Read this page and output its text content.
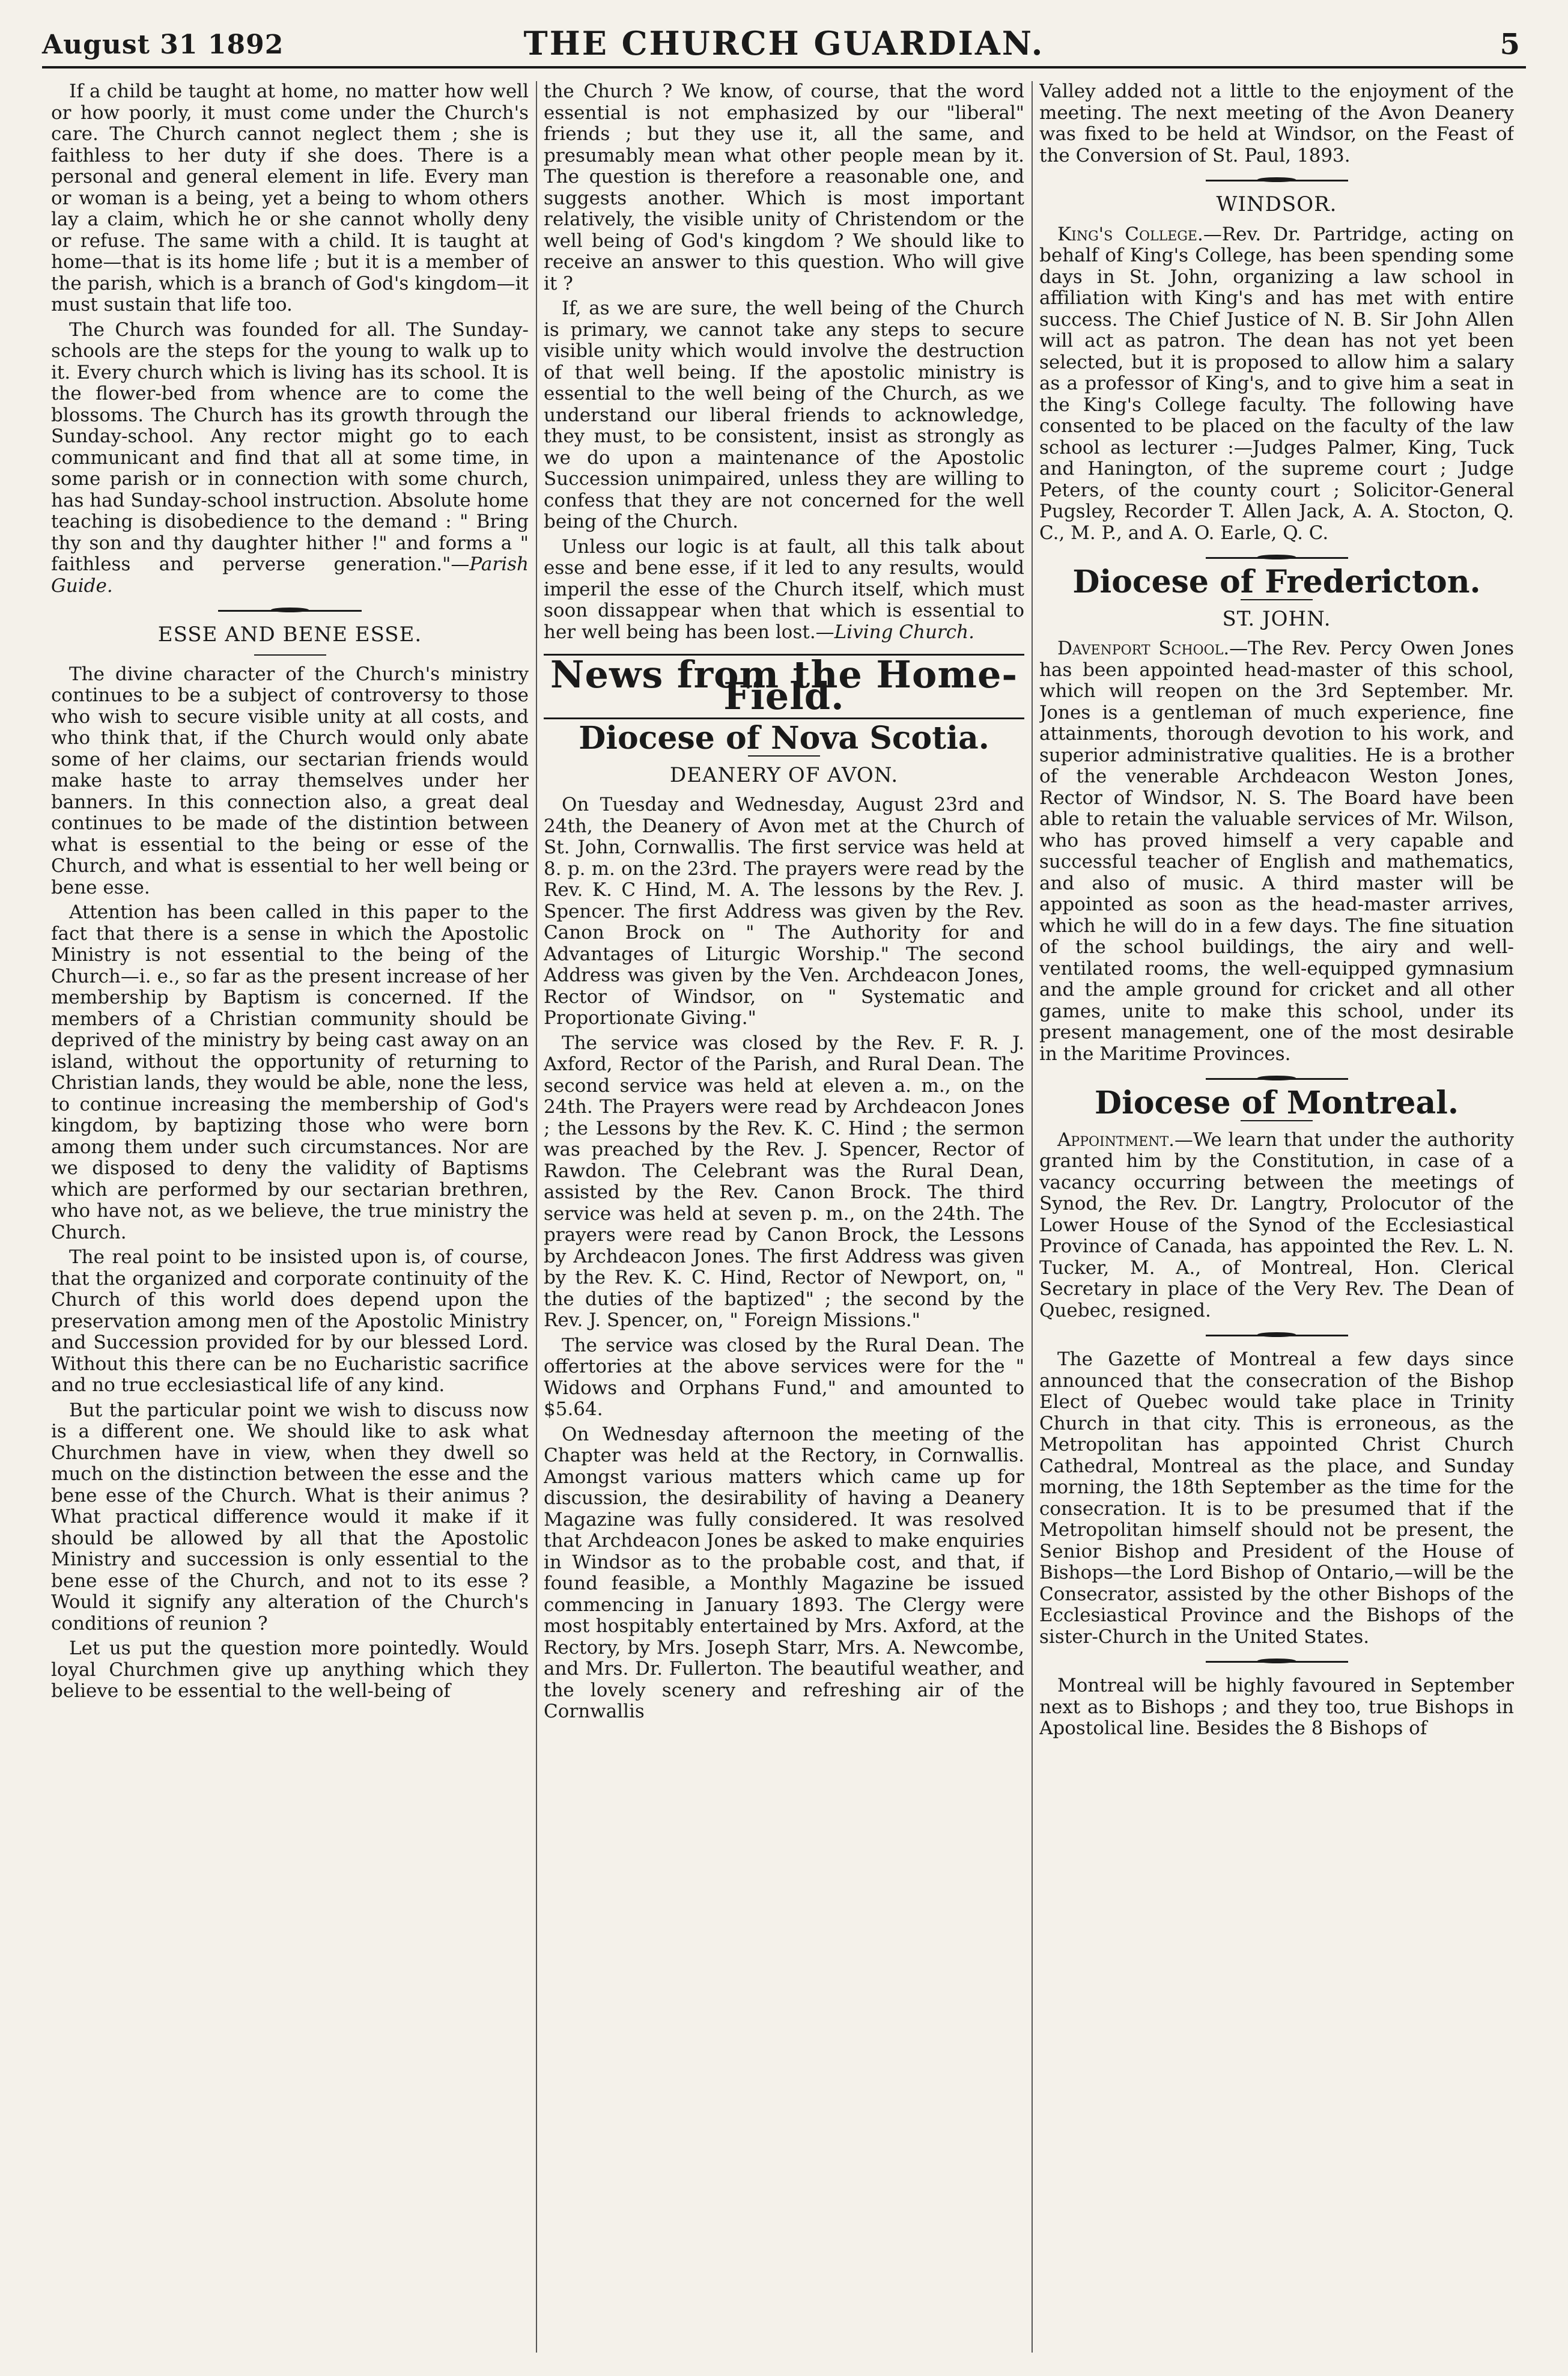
August 31 1892	THE CHURCH GUARDIAN.	5

If a child be taught at home, no matter how well or how poorly, it must come under the Church's care. The Church cannot neglect them ; she is faithless to her duty if she does. There is a personal and general element in life. Every man or woman is a being, yet a being to whom others lay a claim, which he or she cannot wholly deny or refuse. The same with a child. It is taught at home—that is its home life ; but it is a member of the parish, which is a branch of God's kingdom—it must sustain that life too.

The Church was founded for all. The Sunday-schools are the steps for the young to walk up to it. Every church which is living has its school. It is the flower-bed from whence are to come the blossoms. The Church has its growth through the Sunday-school. Any rector might go to each communicant and find that all at some time, in some parish or in connection with some church, has had Sunday-school instruction. Absolute home teaching is disobedience to the demand : " Bring thy son and thy daughter hither !" and forms a " faithless and perverse generation."—Parish Guide.

ESSE AND BENE ESSE.

The divine character of the Church's ministry continues to be a subject of controversy to those who wish to secure visible unity at all costs, and who think that, if the Church would only abate some of her claims, our sectarian friends would make haste to array themselves under her banners. In this connection also, a great deal continues to be made of the distintion between what is essential to the being or esse of the Church, and what is essential to her well being or bene esse.

Attention has been called in this paper to the fact that there is a sense in which the Apostolic Ministry is not essential to the being of the Church—i. e., so far as the present increase of her membership by Baptism is concerned. If the members of a Christian community should be deprived of the ministry by being cast away on an island, without the opportunity of returning to Christian lands, they would be able, none the less, to continue increasing the membership of God's kingdom, by baptizing those who were born among them under such circumstances. Nor are we disposed to deny the validity of Baptisms which are performed by our sectarian brethren, who have not, as we believe, the true ministry the Church.

The real point to be insisted upon is, of course, that the organized and corporate continuity of the Church of this world does depend upon the preservation among men of the Apostolic Ministry and Succession provided for by our blessed Lord. Without this there can be no Eucharistic sacrifice and no true ecclesiastical life of any kind.

But the particular point we wish to discuss now is a different one. We should like to ask what Churchmen have in view, when they dwell so much on the distinction between the esse and the bene esse of the Church. What is their animus ? What practical difference would it make if it should be allowed by all that the Apostolic Ministry and succession is only essential to the bene esse of the Church, and not to its esse ? Would it signify any alteration of the Church's conditions of reunion ?

Let us put the question more pointedly. Would loyal Churchmen give up anything which they believe to be essential to the well-being of

the Church ? We know, of course, that the word essential is not emphasized by our "liberal" friends ; but they use it, all the same, and presumably mean what other people mean by it. The question is therefore a reasonable one, and suggests another. Which is most important relatively, the visible unity of Christendom or the well being of God's kingdom ? We should like to receive an answer to this question. Who will give it ?

If, as we are sure, the well being of the Church is primary, we cannot take any steps to secure visible unity which would involve the destruction of that well being. If the apostolic ministry is essential to the well being of the Church, as we understand our liberal friends to acknowledge, they must, to be consistent, insist as strongly as we do upon a maintenance of the Apostolic Succession unimpaired, unless they are willing to confess that they are not concerned for the well being of the Church.

Unless our logic is at fault, all this talk about esse and bene esse, if it led to any results, would imperil the esse of the Church itself, which must soon dissappear when that which is essential to her well being has been lost.—Living Church.

News from the Home-Field.
Diocese of Nova Scotia.
DEANERY OF AVON.

On Tuesday and Wednesday, August 23rd and 24th, the Deanery of Avon met at the Church of St. John, Cornwallis. The first service was held at 8. p. m. on the 23rd. The prayers were read by the Rev. K. C Hind, M. A. The lessons by the Rev. J. Spencer. The first Address was given by the Rev. Canon Brock on " The Authority for and Advantages of Liturgic Worship." The second Address was given by the Ven. Archdeacon Jones, Rector of Windsor, on " Systematic and Proportionate Giving."

The service was closed by the Rev. F. R. J. Axford, Rector of the Parish, and Rural Dean. The second service was held at eleven a. m., on the 24th. The Prayers were read by Archdeacon Jones ; the Lessons by the Rev. K. C. Hind ; the sermon was preached by the Rev. J. Spencer, Rector of Rawdon. The Celebrant was the Rural Dean, assisted by the Rev. Canon Brock. The third service was held at seven p. m., on the 24th. The prayers were read by Canon Brock, the Lessons by Archdeacon Jones. The first Address was given by the Rev. K. C. Hind, Rector of Newport, on, " the duties of the baptized" ; the second by the Rev. J. Spencer, on, " Foreign Missions."

The service was closed by the Rural Dean. The offertories at the above services were for the " Widows and Orphans Fund," and amounted to $5.64.

On Wednesday afternoon the meeting of the Chapter was held at the Rectory, in Cornwallis. Amongst various matters which came up for discussion, the desirability of having a Deanery Magazine was fully considered. It was resolved that Archdeacon Jones be asked to make enquiries in Windsor as to the probable cost, and that, if found feasible, a Monthly Magazine be issued commencing in January 1893. The Clergy were most hospitably entertained by Mrs. Axford, at the Rectory, by Mrs. Joseph Starr, Mrs. A. Newcombe, and Mrs. Dr. Fullerton. The beautiful weather, and the lovely scenery and refreshing air of the Cornwallis

Valley added not a little to the enjoyment of the meeting. The next meeting of the Avon Deanery was fixed to be held at Windsor, on the Feast of the Conversion of St. Paul, 1893.

WINDSOR.

King's College.—Rev. Dr. Partridge, acting on behalf of King's College, has been spending some days in St. John, organizing a law school in affiliation with King's and has met with entire success. The Chief Justice of N. B. Sir John Allen will act as patron. The dean has not yet been selected, but it is proposed to allow him a salary as a professor of King's, and to give him a seat in the King's College faculty. The following have consented to be placed on the faculty of the law school as lecturer :—Judges Palmer, King, Tuck and Hanington, of the supreme court ; Judge Peters, of the county court ; Solicitor-General Pugsley, Recorder T. Allen Jack, A. A. Stocton, Q. C., M. P., and A. O. Earle, Q. C.

Diocese of Fredericton.
ST. JOHN.

Davenport School.—The Rev. Percy Owen Jones has been appointed head-master of this school, which will reopen on the 3rd September. Mr. Jones is a gentleman of much experience, fine attainments, thorough devotion to his work, and superior administrative qualities. He is a brother of the venerable Archdeacon Weston Jones, Rector of Windsor, N. S. The Board have been able to retain the valuable services of Mr. Wilson, who has proved himself a very capable and successful teacher of English and mathematics, and also of music. A third master will be appointed as soon as the head-master arrives, which he will do in a few days. The fine situation of the school buildings, the airy and well-ventilated rooms, the well-equipped gymnasium and the ample ground for cricket and all other games, unite to make this school, under its present management, one of the most desirable in the Maritime Provinces.

Diocese of Montreal.

Appointment.—We learn that under the authority granted him by the Constitution, in case of a vacancy occurring between the meetings of Synod, the Rev. Dr. Langtry, Prolocutor of the Lower House of the Synod of the Ecclesiastical Province of Canada, has appointed the Rev. L. N. Tucker, M. A., of Montreal, Hon. Clerical Secretary in place of the Very Rev. The Dean of Quebec, resigned.

The Gazette of Montreal a few days since announced that the consecration of the Bishop Elect of Quebec would take place in Trinity Church in that city. This is erroneous, as the Metropolitan has appointed Christ Church Cathedral, Montreal as the place, and Sunday morning, the 18th September as the time for the consecration. It is to be presumed that if the Metropolitan himself should not be present, the Senior Bishop and President of the House of Bishops—the Lord Bishop of Ontario,—will be the Consecrator, assisted by the other Bishops of the Ecclesiastical Province and the Bishops of the sister-Church in the United States.

Montreal will be highly favoured in September next as to Bishops ; and they too, true Bishops in Apostolical line. Besides the 8 Bishops of
